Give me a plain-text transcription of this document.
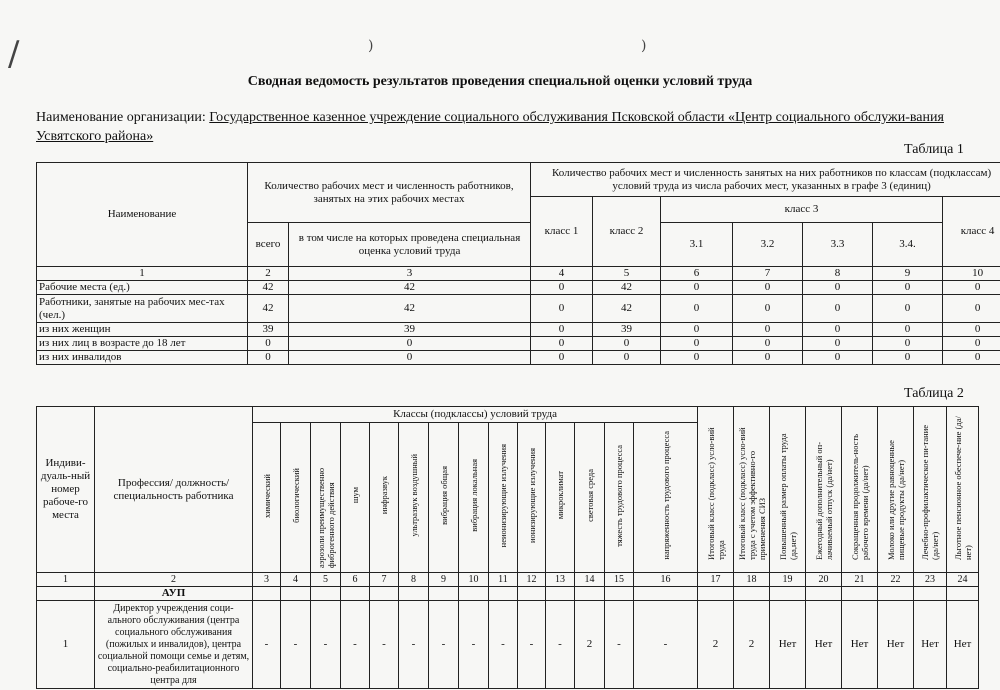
/	)	)
Сводная ведомость результатов проведения специальной оценки условий труда
Наименование организации: Государственное казенное учреждение социального обслуживания Псковской области «Центр социального обслужи-вания Усвятского района»
Таблица 1
Наименование	Количество рабочих мест и численность работников, занятых на этих рабочих местах		Количество рабочих мест и численность занятых на них работников по классам (подклассам) условий труда из числа рабочих мест, указанных в графе 3 (единиц)						
			класс 1	класс 2	класс 3				класс 4
	всего	в том числе на которых проведена специальная оценка условий труда			3.1	3.2	3.3	3.4.	
1	2	3	4	5	6	7	8	9	10
Рабочие места (ед.)	42	42	0	42	0	0	0	0	0
Работники, занятые на рабочих мес-тах (чел.)	42	42	0	42	0	0	0	0	0
из них женщин	39	39	0	39	0	0	0	0	0
из них лиц в возрасте до 18 лет	0	0	0	0	0	0	0	0	0
из них инвалидов	0	0	0	0	0	0	0	0	0
Таблица 2
Индиви-дуаль-ный номер рабоче-го места	Профессия/ должность/ специальность работника	Классы (подклассы) условий труда														Итоговый класс (подкласс) усло-вий труда	Итоговый класс (подкласс) усло-вий труда с учетом эффективно-го применения СИЗ	Повышенный размер оплаты труда (да,нет)	Ежегодный дополнительный оп-лачиваемый отпуск (да/нет)	Сокращенная продолжитель-ность рабочего времени (да/нет)	Молоко или другие равноценные пищевые продукты (да/нет)	Лечебно-профилактическое пи-тание (да/нет)	Льготное пенсионное обеспече-ние (да/нет)
		химический	биологический	аэрозоли преимущественно фиброгенного действия	шум	инфразвук	ультразвук воздушный	вибрация общая	вибрация локальная	неионизирующие излучения	ионизирующие излучения	микроклимат	световая среда	тяжесть трудового процесса	напряженность трудового процесса								
1	2	3	4	5	6	7	8	9	10	11	12	13	14	15	16	17	18	19	20	21	22	23	24
	АУП																						
1	Директор учреждения соци-ального обслуживания (центра социального обслуживания (пожилых и инвалидов), центра социальной помощи семье и детям, социально-реабилитационного центра для	-	-	-	-	-	-	-	-	-	-	-	2	-	-	2	2	Нет	Нет	Нет	Нет	Нет	Нет
